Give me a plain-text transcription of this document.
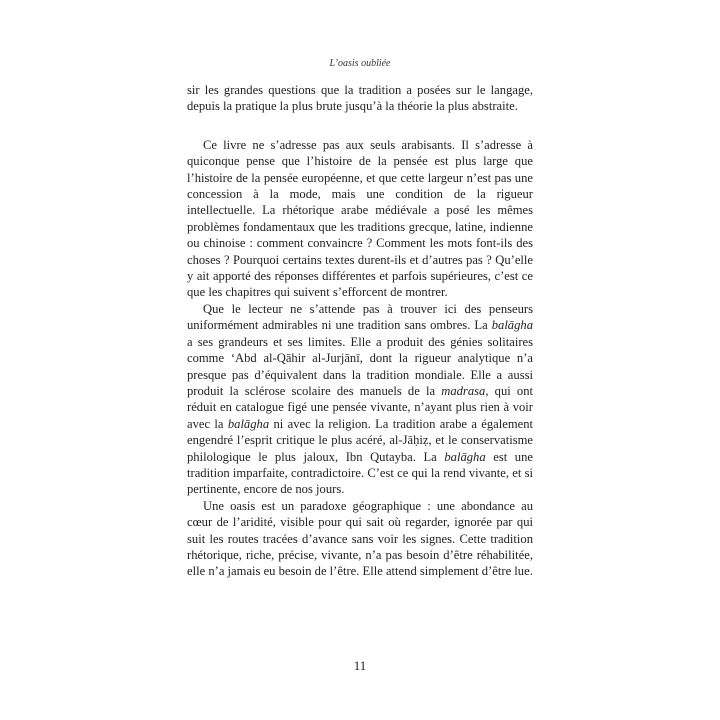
L’oasis oubliée

sir les grandes questions que la tradition a posées sur le langage, depuis la pratique la plus brute jusqu’à la théorie la plus abstraite.

Ce livre ne s’adresse pas aux seuls arabisants. Il s’adresse à quiconque pense que l’histoire de la pensée est plus large que l’histoire de la pensée européenne, et que cette largeur n’est pas une concession à la mode, mais une condition de la rigueur intellectuelle. La rhétorique arabe médiévale a posé les mêmes problèmes fondamentaux que les traditions grecque, latine, indienne ou chinoise : comment convaincre ? Comment les mots font-ils des choses ? Pourquoi certains textes durent-ils et d’autres pas ? Qu’elle y ait apporté des réponses différentes et parfois supérieures, c’est ce que les chapitres qui suivent s’efforcent de montrer.

Que le lecteur ne s’attende pas à trouver ici des penseurs uniformément admirables ni une tradition sans ombres. La balāgha a ses grandeurs et ses limites. Elle a produit des génies solitaires comme ‘Abd al-Qāhir al-Jurjānī, dont la rigueur analytique n’a presque pas d’équivalent dans la tradition mondiale. Elle a aussi produit la sclérose scolaire des manuels de la madrasa, qui ont réduit en catalogue figé une pensée vivante, n’ayant plus rien à voir avec la balāgha ni avec la religion. La tradition arabe a également engendré l’esprit critique le plus acéré, al-Jāḥiẓ, et le conservatisme philologique le plus jaloux, Ibn Qutayba. La balāgha est une tradition imparfaite, contradictoire. C’est ce qui la rend vivante, et si pertinente, encore de nos jours.

Une oasis est un paradoxe géographique : une abondance au cœur de l’aridité, visible pour qui sait où regarder, ignorée par qui suit les routes tracées d’avance sans voir les signes. Cette tradition rhétorique, riche, précise, vivante, n’a pas besoin d’être réhabilitée, elle n’a jamais eu besoin de l’être. Elle attend simplement d’être lue.

11
